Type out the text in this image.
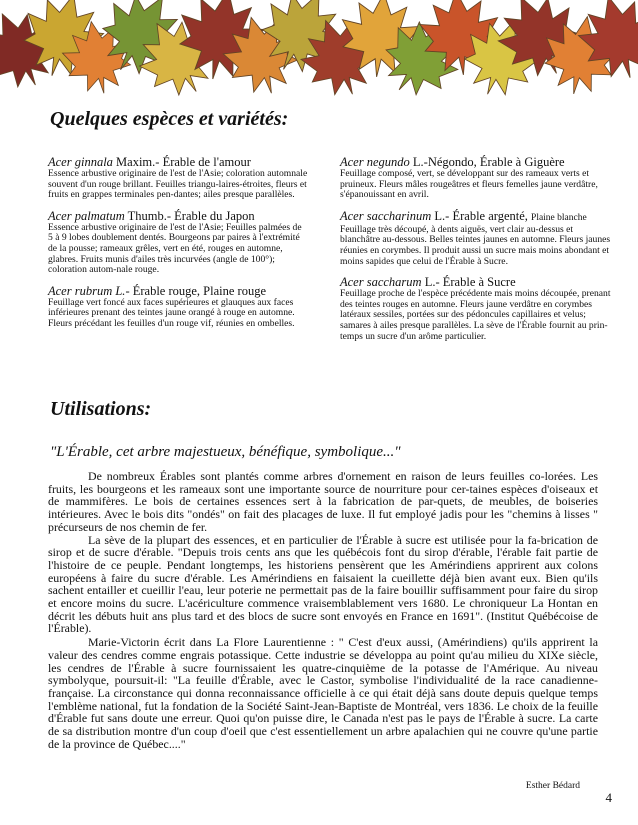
Quelques espèces et variétés:
Acer ginnala Maxim.- Érable de l'amour
Essence arbustive originaire de l'est de l'Asie; coloration automnale souvent d'un rouge brillant. Feuilles triangu-laires-étroites, fleurs et fruits en grappes terminales pen-dantes; ailes presque parallèles.
Acer palmatum Thumb.- Érable du Japon
Essence arbustive originaire de l'est de l'Asie; Feuilles palmées de 5 à 9 lobes doublement dentés. Bourgeons par paires à l'extrémité de la pousse; rameaux grêles, vert en été, rouges en automne, glabres. Fruits munis d'ailes très incurvées (angle de 100°); coloration autom-nale rouge.
Acer rubrum L.- Érable rouge, Plaine rouge
Feuillage vert foncé aux faces supérieures et glauques aux faces inférieures prenant des teintes jaune orangé à rouge en automne. Fleurs précédant les feuilles d'un rouge vif, réunies en ombelles.
Acer negundo L.-Négondo, Érable à Giguère
Feuillage composé, vert, se développant sur des rameaux verts et pruineux. Fleurs mâles rougeâtres et fleurs femelles jaune verdâtre, s'épanouissant en avril.
Acer saccharinum L.- Érable argenté, Plaine blanche
Feuillage très découpé, à dents aiguës, vert clair au-dessus et blanchâtre au-dessous. Belles teintes jaunes en automne. Fleurs jaunes réunies en corymbes. Il produit aussi un sucre mais moins abondant et moins sapides que celui de l'Érable à Sucre.
Acer saccharum L.- Érable à Sucre
Feuillage proche de l'espèce précédente mais moins découpée, prenant des teintes rouges en automne. Fleurs jaune verdâtre en corymbes latéraux sessiles, portées sur des pédoncules capillaires et velus; samares à ailes presque parallèles. La sève de l'Érable fournit au prin-temps un sucre d'un arôme particulier.
Utilisations:

"L'Érable, cet arbre majestueux, bénéfique, symbolique..."

De nombreux Érables sont plantés comme arbres d'ornement en raison de leurs feuilles co-lorées. Les fruits, les bourgeons et les rameaux sont une importante source de nourriture pour cer-taines espèces d'oiseaux et de mammifères. Le bois de certaines essences sert à la fabrication de par-quets, de meubles, de boiseries intérieures. Avec le bois dits "ondés" on fait des placages de luxe. Il fut employé jadis pour les "chemins à lisses " précurseurs de nos chemin de fer.

La sève de la plupart des essences, et en particulier de l'Érable à sucre est utilisée pour la fa-brication de sirop et de sucre d'érable. "Depuis trois cents ans que les québécois font du sirop d'érable, l'érable fait partie de l'histoire de ce peuple. Pendant longtemps, les historiens pensèrent que les Amérindiens apprirent aux colons européens à faire du sucre d'érable. Les Amérindiens en faisaient la cueillette déjà bien avant eux. Bien qu'ils sachent entailler et cueillir l'eau, leur poterie ne permettait pas de la faire bouillir suffisamment pour faire du sirop et encore moins du sucre. L'acériculture commence vraisemblablement vers 1680. Le chroniqueur La Hontan en décrit les débuts huit ans plus tard et des blocs de sucre sont envoyés en France en 1691". (Institut Québécoise de l'Érable).

Marie-Victorin écrit dans La Flore Laurentienne : " C'est d'eux aussi, (Amérindiens) qu'ils apprirent la valeur des cendres comme engrais potassique. Cette industrie se développa au point qu'au milieu du XIXe siècle, les cendres de l'Érable à sucre fournissaient les quatre-cinquième de la potasse de l'Amérique. Au niveau symbolyque, poursuit-il: "La feuille d'Érable, avec le Castor, symbolise l'individualité de la race canadienne-française. La circonstance qui donna reconnaissance officielle à ce qui était déjà sans doute depuis quelque temps l'emblème national, fut la fondation de la Société Saint-Jean-Baptiste de Montréal, vers 1836. Le choix de la feuille d'Érable fut sans doute une erreur. Quoi qu'on puisse dire, le Canada n'est pas le pays de l'Érable à sucre. La carte de sa distribution montre d'un coup d'oeil que c'est essentiellement un arbre apalachien qui ne couvre qu'une partie de la province de Québec...."

Esther Bédard
4
